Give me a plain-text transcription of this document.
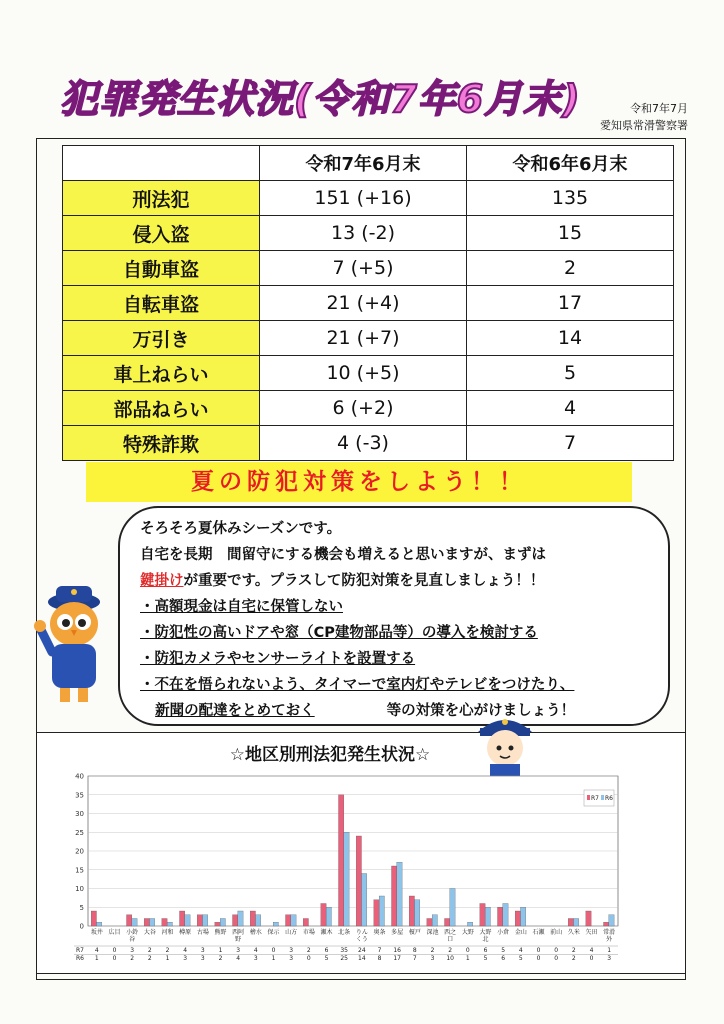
犯罪発生状況(令和7年6月末)	令和7年7月
愛知県常滑警察署
	令和7年6月末	令和6年6月末
刑法犯	151 (+16)	135
侵入盗	13 (-2)	15
自動車盗	7 (+5)	2
自転車盗	21 (+4)	17
万引き	21 (+7)	14
車上ねらい	10 (+5)	5
部品ねらい	6 (+2)	4
特殊詐欺	4 (-3)	7
夏の防犯対策をしよう！！
そろそろ夏休みシーズンです。
自宅を長期　間留守にする機会も増えると思いますが、まずは
鍵掛けが重要です。プラスして防犯対策を見直しましょう！！
・高額現金は自宅に保管しない
・防犯性の高いドアや窓（CP建物部品等）の導入を検討する
・防犯カメラやセンサーライトを設置する
・不在を悟られないよう、タイマーで室内灯やテレビをつけたり、
新聞の配達をとめておく	等の対策を心がけましょう！
☆地区別刑法犯発生状況☆
0
5
10
15
20
25
30
35
40
坂井 広目 小鈴谷
大谷 河和 樽原 古場 熊野 西阿野
檜水 保示 山方 市場 瀬木 北条 りんくう
奥条 多屋 榎戸 深池 西之口
大野 大野北
小倉 金山 石瀬 前山 久米 矢田 常滑外
R7 4 0 3 2 2 4 3 1 3 4 0 3 2 6 35 24 7 16 8 2 2 0 6 5 4 0 0 2 4 1
R6 1 0 2 2 1 3 3 2 4 3 1 3 0 5 25 14 8 17 7 3 10 1 5 6 5 0 0 2 0 3
R7 R6
